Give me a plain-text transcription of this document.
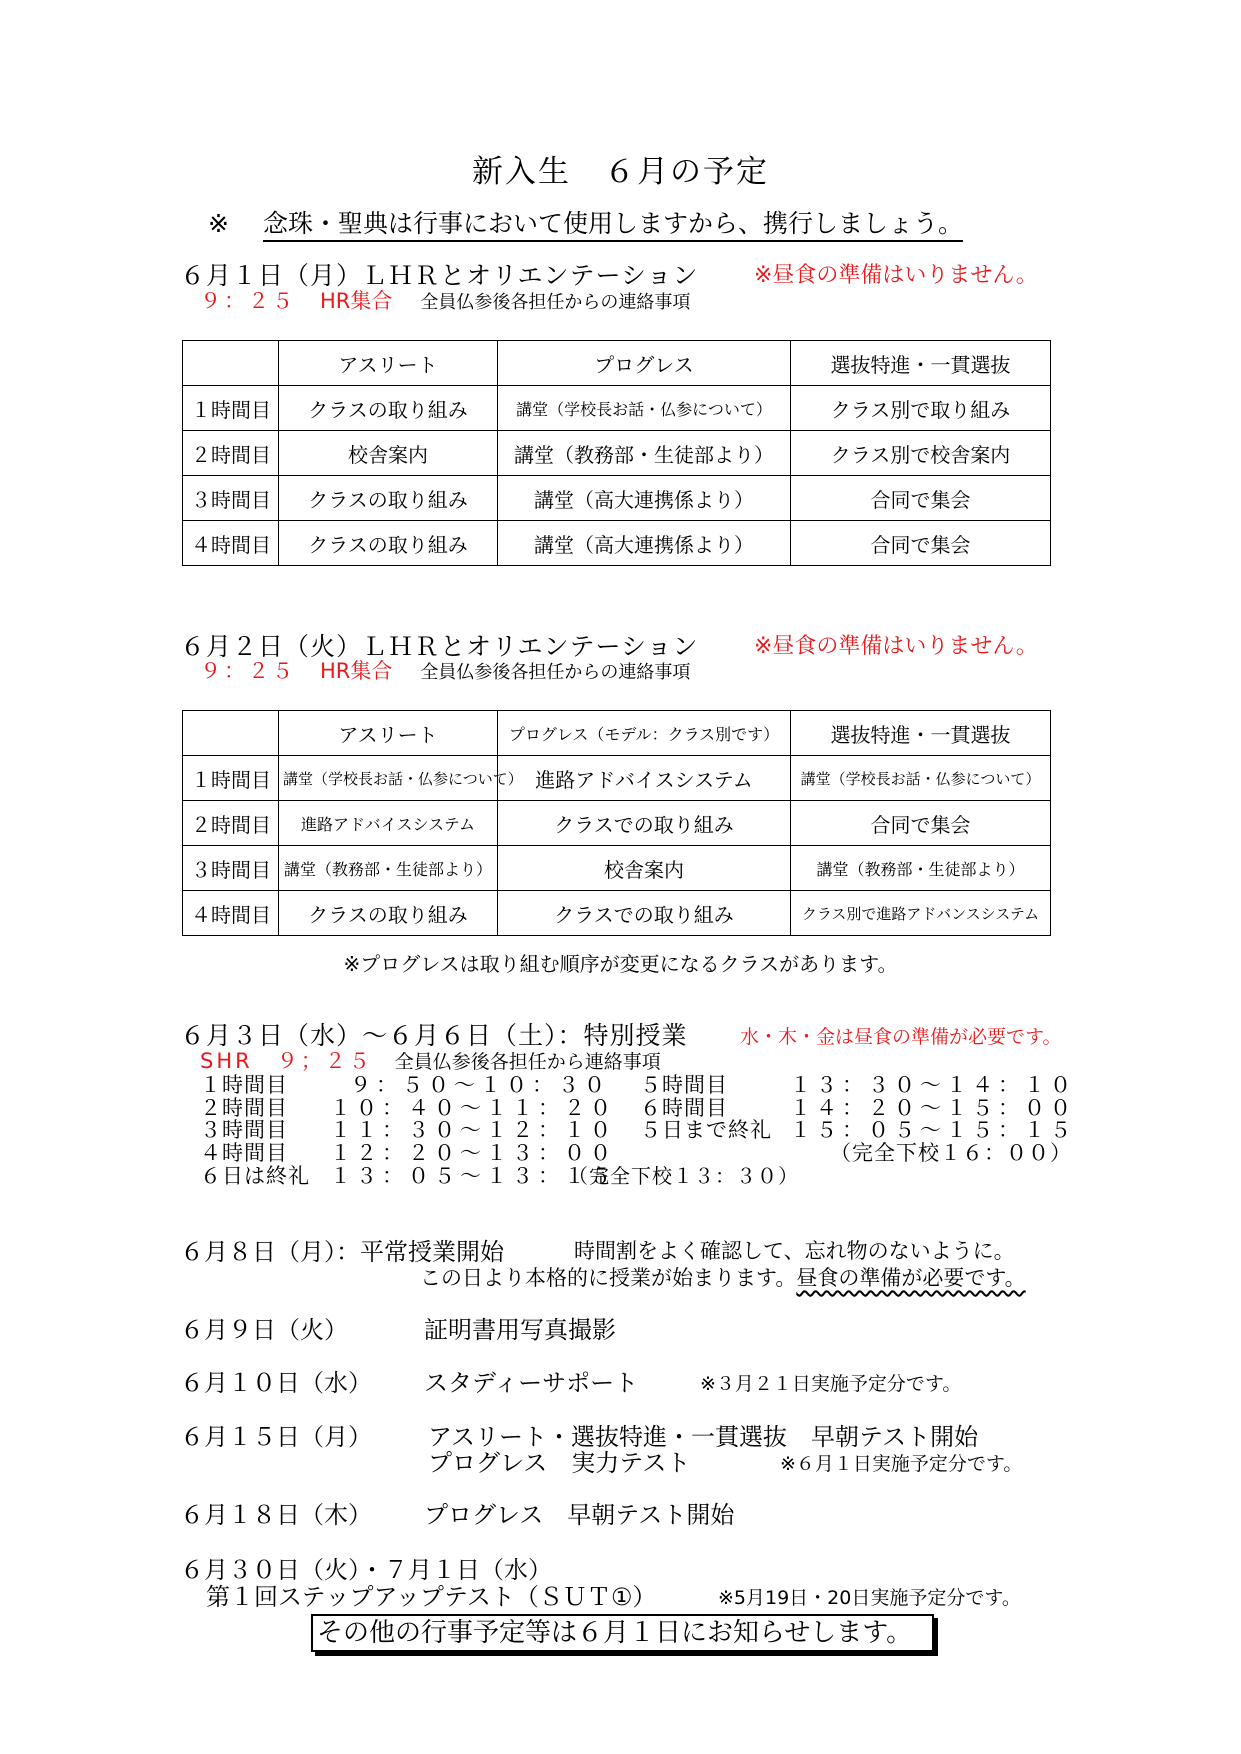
新入生　６月の予定
※ 念珠・聖典は行事において使用しますから、携行しましょう。
６月１日（月）ＬＨＲとオリエンテーション	※昼食の準備はいりません。
９：２５ HR集合 全員仏参後各担任からの連絡事項
	アスリート	プログレス	選抜特進・一貫選抜
１時間目	クラスの取り組み	講堂（学校長お話・仏参について）	クラス別で取り組み
２時間目	校舎案内	講堂（教務部・生徒部より）	クラス別で校舎案内
３時間目	クラスの取り組み	講堂（高大連携係より）	合同で集会
４時間目	クラスの取り組み	講堂（高大連携係より）	合同で集会
６月２日（火）ＬＨＲとオリエンテーション	※昼食の準備はいりません。
９：２５ HR集合 全員仏参後各担任からの連絡事項
	アスリート	プログレス（モデル：クラス別です）	選抜特進・一貫選抜
１時間目	講堂（学校長お話・仏参について）	進路アドバイスシステム	講堂（学校長お話・仏参について）
２時間目	進路アドバイスシステム	クラスでの取り組み	合同で集会
３時間目	講堂（教務部・生徒部より）	校舎案内	講堂（教務部・生徒部より）
４時間目	クラスの取り組み	クラスでの取り組み	クラス別で進路アドバンスシステム
※プログレスは取り組む順序が変更になるクラスがあります。
６月３日（水）～６月６日（土）：特別授業	水・木・金は昼食の準備が必要です。
SHR　９；２５ 全員仏参後各担任から連絡事項
１時間目	９：５０～１０：３０
２時間目 １０：４０～１１：２０
３時間目 １１：３０～１２：１０
４時間目 １２：２０～１３：００
５時間目	１３：３０～１４：１０
６時間目	１４：２０～１５：００
５日まで終礼 １５：０５～１５：１５
（完全下校１６：００）
６日は終礼 １３：０５～１３：１５
（完全下校１３：３０）
６月８日（月）：平常授業開始	時間割をよく確認して、忘れ物のないように。
この日より本格的に授業が始まります。昼食の準備が必要です。
６月９日（火）	証明書用写真撮影
６月１０日（水） スタディーサポート	※３月２１日実施予定分です。
６月１５日（月） アスリート・選抜特進・一貫選抜　早朝テスト開始
プログレス　実力テスト	※６月１日実施予定分です。
６月１８日（木） プログレス　早朝テスト開始
６月３０日（火）・７月１日（水）
第１回ステップアップテスト（ＳＵＴ①）	※5月19日・20日実施予定分です。
その他の行事予定等は６月１日にお知らせします。
